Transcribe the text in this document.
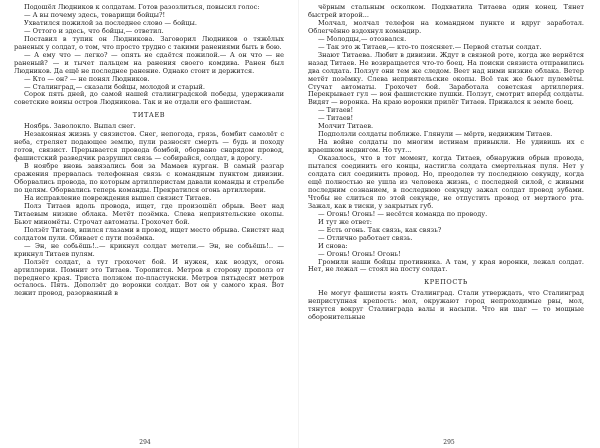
Подошёл Людников к солдатам. Готов разозлиться, повысил голос:

— А вы почему здесь, товарищи бойцы?!

Ухватился пожилой за последнее слово — бойцы.

— Оттого и здесь, что бойцы,— ответил.

Поставил в тупик он Людникова. Заговорил Людников о тяжёлых раненых у солдат, о том, что просто трудно с такими ранениями быть в бою.

— А ему что — легко? — опять не сдаётся пожилой.— А он что — не раненый? — и тычет пальцем на ранения своего комдива. Ранен был Людников. Да ещё не последнее ранение. Однако стоит и держится.

— Кто — он? — не понял Людников.

— Сталинград,— сказали бойцы, молодой и старый.

Сорок пять дней, до самой нашей сталинградской победы, удерживали советские воины остров Людникова. Так и не отдали его фашистам.

ТИТАЕВ

Ноябрь. Заволокло. Выпал снег.

Незаконная жизнь у связистов. Снег, непогода, грязь, бомбит самолёт с неба, стреляет подающее землю, пули разносят смерть — будь и походу готов, связист. Прерывается провода бомбой, оборвано снарядом провод, фашистский разведчик разрушил связь — собирайся, солдат, в дорогу.

В ноябре вновь завязались бои за Мамаев курган. В самый разгар сражения прервалась телефонная связь с командным пунктом дивизии. Оборвались провода, по которым артиллеристам давали команды и стрельбе по целям. Оборвались теперь команды. Прекратился огонь артиллерии.

На исправление повреждения вышел связист Титаев.

Полз Титаев вдоль провода, ищет, где произошёл обрыв. Веет над Титаевым низкие облака. Метёт позёмка. Слева неприятельские окопы. Бьют миномёты. Строчат автоматы. Грохочет бой.

Ползёт Титаев, впился глазами в провод, ищет место обрыва. Свистят над солдатом пули. Сбивает с пути позёмка.

— Эн, не собьёшь!..— крикнул солдат метели.— Эн, не собьёшь!.. — крикнул Титаев пулям.

Ползёт солдат, а тут грохочет бой. И нужен, как воздух, огонь артиллерии. Помнит это Титаев. Торопится. Метров я сторону прополз от переднего края. Триста ползком по-пластунски. Метров пятьдесят метров осталось. Пять. Доползёт до воронки солдат. Вот он у самого края. Вот лежит провод, разорванный в

294

чёрным стальным осколком. Подхватила Титаева один конец. Тянет быстрей второй...

Молчал, молчал телефон на командном пункте и вдруг заработал. Облегчённо вздохнул командир.

— Молодцы,— отозвался.

— Так это ж Титаев,— кто-то поясняет.— Первой статьи солдат.

Знают Титаева. Любит в дивизии. Ждут в связной роте, когда же вернётся назад Титаев. Не возвращается что-то боец. На поиски связиста отправились два солдата. Ползут они тем же следом. Веет над ними низкие облака. Ветер метёт позёмку. Слева неприятельские окопы. Всё так же бьют пулемёты. Стучат автоматы. Грохочет бой. Заработала советская артиллерия. Перекрывает гул — вон фашистские пушки. Ползут, смотрит вперёд солдаты. Видят — воронка. На краю воронки прилёг Титаев. Прижался к земле боец.

— Титаев!

— Титаев!

Молчит Титаев.

Подползли солдаты поближе. Глянули — мёртв, недвижим Титаев.

На войне солдаты по многим истинам привыкли. Не удивишь их с краешком недвигом. Но тут...

Оказалось, что в тот момент, когда Титаев, обнаружив обрыв провода, пытался соединить его концы, настигла солдата смертельная пуля. Нет у солдата сил соединить провод. Но, преодолев ту последнюю секунду, когда ещё полностью не ушла из человека жизнь, с последней силой, с живыми последним сознанием, в последнюю секунду зажал солдат провод зубами. Чтобы не слиться по этой секунде, не отпустить провод от мертвого рта. Зажал, как в тиски, у закрытых губ.

— Огонь! Огонь! — несётся команда по проводу.

И тут же ответ:

— Есть огонь. Так связь, как связь?

— Отлично работает связь.

И снова:

— Огонь! Огонь! Огонь!

Громили наши бойцы противника. А там, у края воронки, лежал солдат. Нет, не лежал — стоял на посту солдат.

КРЕПОСТЬ

Не могут фашисты взять Сталинград. Стали утверждать, что Сталинград неприступная крепость: мол, окружают город непроходимые рвы, мол, тянутся вокруг Сталинграда валы и насыпи. Что ни шаг — то мощные оборонительные

295
